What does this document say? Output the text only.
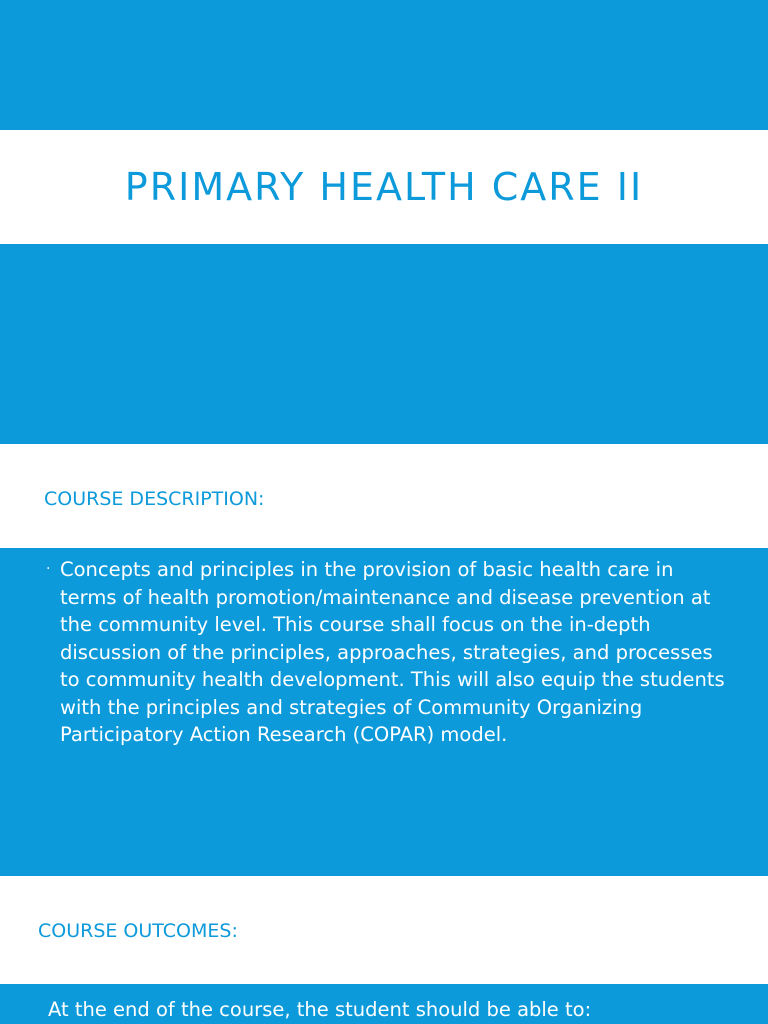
PRIMARY HEALTH CARE II
COURSE DESCRIPTION:
· Concepts and principles in the provision of basic health care in terms of health promotion/maintenance and disease prevention at the community level. This course shall focus on the in-depth discussion of the principles, approaches, strategies, and processes to community health development. This will also equip the students with the principles and strategies of Community Organizing Participatory Action Research (COPAR) model.
COURSE OUTCOMES:
At the end of the course, the student should be able to:
